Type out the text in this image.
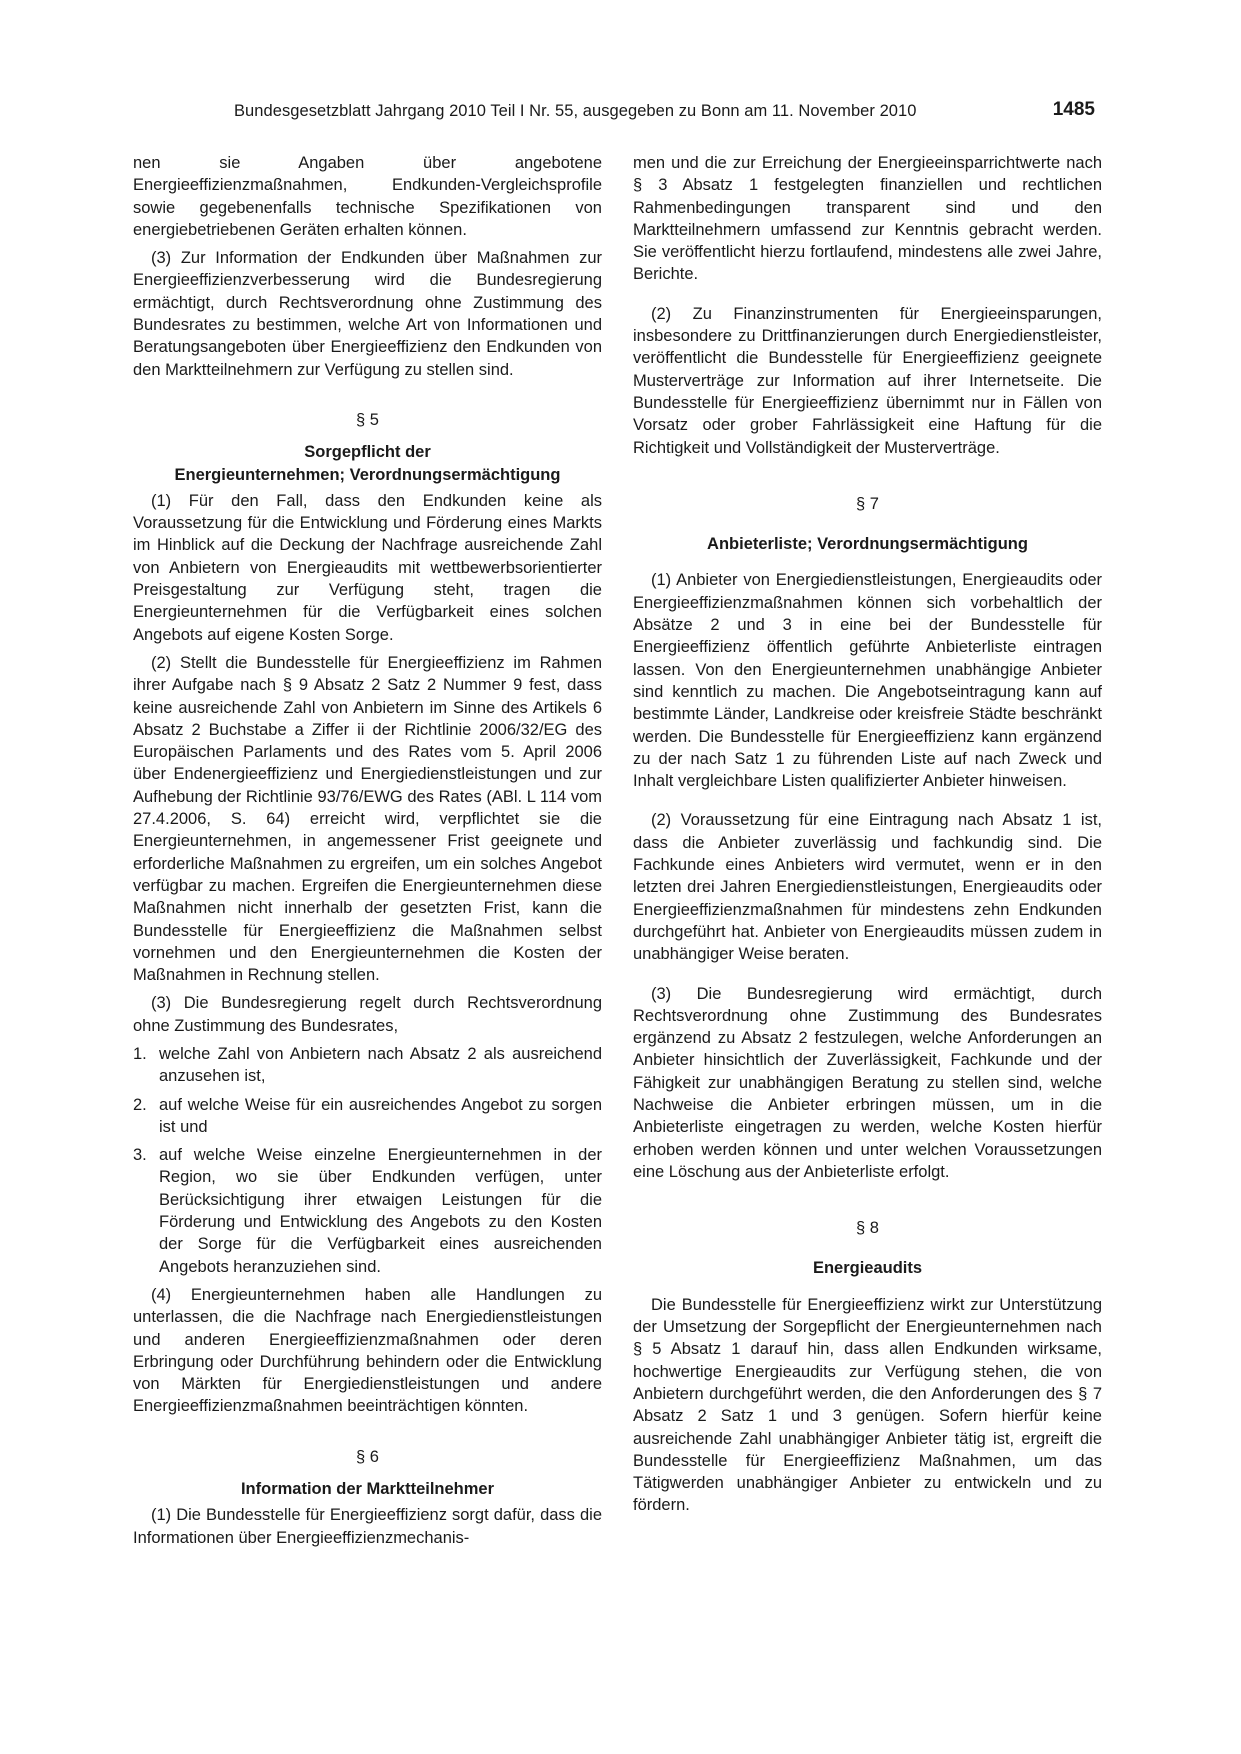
Bundesgesetzblatt Jahrgang 2010 Teil I Nr. 55, ausgegeben zu Bonn am 11. November 2010	1485

nen sie Angaben über angebotene Energieeffizienzmaßnahmen, Endkunden-Vergleichsprofile sowie gegebenenfalls technische Spezifikationen von energiebetriebenen Geräten erhalten können.

(3) Zur Information der Endkunden über Maßnahmen zur Energieeffizienzverbesserung wird die Bundesregierung ermächtigt, durch Rechtsverordnung ohne Zustimmung des Bundesrates zu bestimmen, welche Art von Informationen und Beratungsangeboten über Energieeffizienz den Endkunden von den Marktteilnehmern zur Verfügung zu stellen sind.

§ 5

Sorgepflicht der

Energieunternehmen; Verordnungsermächtigung

(1) Für den Fall, dass den Endkunden keine als Voraussetzung für die Entwicklung und Förderung eines Markts im Hinblick auf die Deckung der Nachfrage ausreichende Zahl von Anbietern von Energieaudits mit wettbewerbsorientierter Preisgestaltung zur Verfügung steht, tragen die Energieunternehmen für die Verfügbarkeit eines solchen Angebots auf eigene Kosten Sorge.

(2) Stellt die Bundesstelle für Energieeffizienz im Rahmen ihrer Aufgabe nach § 9 Absatz 2 Satz 2 Nummer 9 fest, dass keine ausreichende Zahl von Anbietern im Sinne des Artikels 6 Absatz 2 Buchstabe a Ziffer ii der Richtlinie 2006/32/EG des Europäischen Parlaments und des Rates vom 5. April 2006 über Endenergieeffizienz und Energiedienstleistungen und zur Aufhebung der Richtlinie 93/76/EWG des Rates (ABl. L 114 vom 27.4.2006, S. 64) erreicht wird, verpflichtet sie die Energieunternehmen, in angemessener Frist geeignete und erforderliche Maßnahmen zu ergreifen, um ein solches Angebot verfügbar zu machen. Ergreifen die Energieunternehmen diese Maßnahmen nicht innerhalb der gesetzten Frist, kann die Bundesstelle für Energieeffizienz die Maßnahmen selbst vornehmen und den Energieunternehmen die Kosten der Maßnahmen in Rechnung stellen.

(3) Die Bundesregierung regelt durch Rechtsverordnung ohne Zustimmung des Bundesrates,

1. welche Zahl von Anbietern nach Absatz 2 als ausreichend anzusehen ist,
2. auf welche Weise für ein ausreichendes Angebot zu sorgen ist und
3. auf welche Weise einzelne Energieunternehmen in der Region, wo sie über Endkunden verfügen, unter Berücksichtigung ihrer etwaigen Leistungen für die Förderung und Entwicklung des Angebots zu den Kosten der Sorge für die Verfügbarkeit eines ausreichenden Angebots heranzuziehen sind.

(4) Energieunternehmen haben alle Handlungen zu unterlassen, die die Nachfrage nach Energiedienstleistungen und anderen Energieeffizienzmaßnahmen oder deren Erbringung oder Durchführung behindern oder die Entwicklung von Märkten für Energiedienstleistungen und andere Energieeffizienzmaßnahmen beeinträchtigen könnten.

§ 6

Information der Marktteilnehmer

(1) Die Bundesstelle für Energieeffizienz sorgt dafür, dass die Informationen über Energieeffizienzmechanis-

men und die zur Erreichung der Energieeinsparrichtwerte nach § 3 Absatz 1 festgelegten finanziellen und rechtlichen Rahmenbedingungen transparent sind und den Marktteilnehmern umfassend zur Kenntnis gebracht werden. Sie veröffentlicht hierzu fortlaufend, mindestens alle zwei Jahre, Berichte.

(2) Zu Finanzinstrumenten für Energieeinsparungen, insbesondere zu Drittfinanzierungen durch Energiedienstleister, veröffentlicht die Bundesstelle für Energieeffizienz geeignete Musterverträge zur Information auf ihrer Internetseite. Die Bundesstelle für Energieeffizienz übernimmt nur in Fällen von Vorsatz oder grober Fahrlässigkeit eine Haftung für die Richtigkeit und Vollständigkeit der Musterverträge.

§ 7

Anbieterliste; Verordnungsermächtigung

(1) Anbieter von Energiedienstleistungen, Energieaudits oder Energieeffizienzmaßnahmen können sich vorbehaltlich der Absätze 2 und 3 in eine bei der Bundesstelle für Energieeffizienz öffentlich geführte Anbieterliste eintragen lassen. Von den Energieunternehmen unabhängige Anbieter sind kenntlich zu machen. Die Angebotseintragung kann auf bestimmte Länder, Landkreise oder kreisfreie Städte beschränkt werden. Die Bundesstelle für Energieeffizienz kann ergänzend zu der nach Satz 1 zu führenden Liste auf nach Zweck und Inhalt vergleichbare Listen qualifizierter Anbieter hinweisen.

(2) Voraussetzung für eine Eintragung nach Absatz 1 ist, dass die Anbieter zuverlässig und fachkundig sind. Die Fachkunde eines Anbieters wird vermutet, wenn er in den letzten drei Jahren Energiedienstleistungen, Energieaudits oder Energieeffizienzmaßnahmen für mindestens zehn Endkunden durchgeführt hat. Anbieter von Energieaudits müssen zudem in unabhängiger Weise beraten.

(3) Die Bundesregierung wird ermächtigt, durch Rechtsverordnung ohne Zustimmung des Bundesrates ergänzend zu Absatz 2 festzulegen, welche Anforderungen an Anbieter hinsichtlich der Zuverlässigkeit, Fachkunde und der Fähigkeit zur unabhängigen Beratung zu stellen sind, welche Nachweise die Anbieter erbringen müssen, um in die Anbieterliste eingetragen zu werden, welche Kosten hierfür erhoben werden können und unter welchen Voraussetzungen eine Löschung aus der Anbieterliste erfolgt.

§ 8

Energieaudits

Die Bundesstelle für Energieeffizienz wirkt zur Unterstützung der Umsetzung der Sorgepflicht der Energieunternehmen nach § 5 Absatz 1 darauf hin, dass allen Endkunden wirksame, hochwertige Energieaudits zur Verfügung stehen, die von Anbietern durchgeführt werden, die den Anforderungen des § 7 Absatz 2 Satz 1 und 3 genügen. Sofern hierfür keine ausreichende Zahl unabhängiger Anbieter tätig ist, ergreift die Bundesstelle für Energieeffizienz Maßnahmen, um das Tätigwerden unabhängiger Anbieter zu entwickeln und zu fördern.
